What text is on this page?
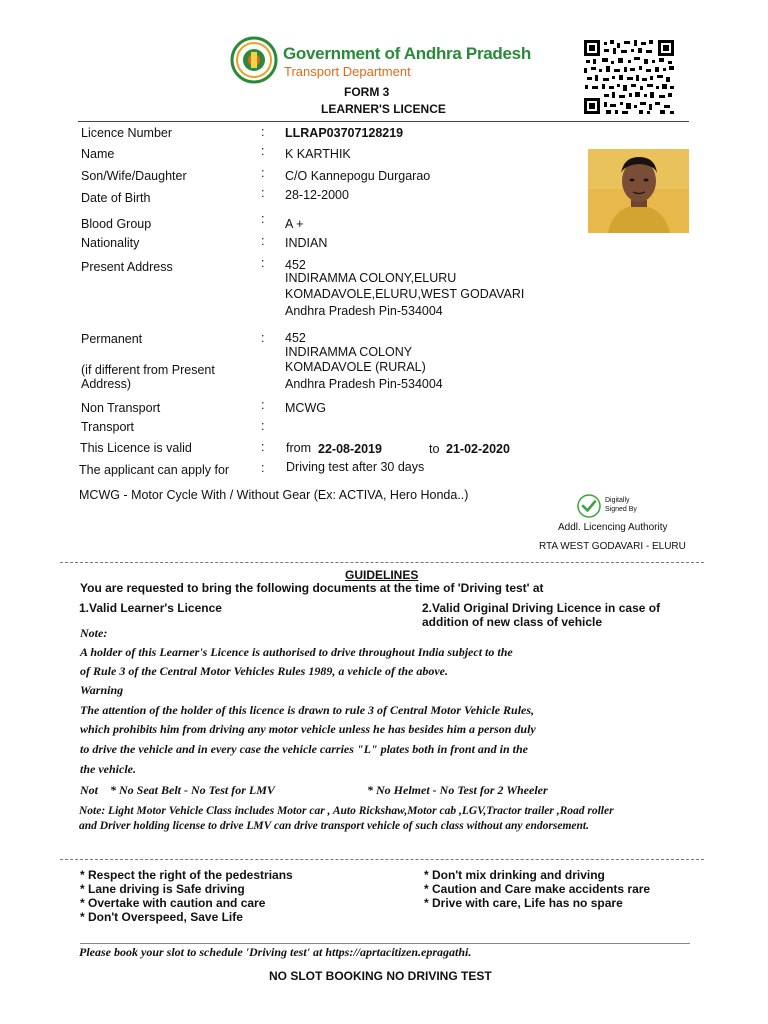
Government of Andhra Pradesh
Transport Department
FORM 3
LEARNER'S LICENCE
Licence Number	: LLRAP03707128219
Name	: K KARTHIK
Son/Wife/Daughter	: C/O Kannepogu Durgarao
Date of Birth	: 28-12-2000
Blood Group	: A +
Nationality	: INDIAN
Present Address	: 452
INDIRAMMA COLONY,ELURU
KOMADAVOLE,ELURU,WEST GODAVARI
Andhra Pradesh Pin-534004
Permanent	: 452
INDIRAMMA COLONY
KOMADAVOLE (RURAL)
Andhra Pradesh Pin-534004
(if different from Present
Address)
Non Transport	: MCWG
Transport	:
This Licence is valid	: from 22-08-2019	to 21-02-2020
The applicant can apply for	: Driving test after 30 days
MCWG - Motor Cycle With / Without Gear (Ex: ACTIVA, Hero Honda..)	Digitally
Signed By
Addl. Licencing Authority
RTA WEST GODAVARI - ELURU
GUIDELINES
You are requested to bring the following documents at the time of 'Driving test' at
1.Valid Learner's Licence	2.Valid Original Driving Licence in case of
addition of new class of vehicle
Note:
A holder of this Learner's Licence is authorised to drive throughout India subject to the
of Rule 3 of the Central Motor Vehicles Rules 1989, a vehicle of the above.
Warning
The attention of the holder of this licence is drawn to rule 3 of Central Motor Vehicle Rules,
which prohibits him from driving any motor vehicle unless he has besides him a person duly
to drive the vehicle and in every case the vehicle carries "L" plates both in front and in the
the vehicle.
Not * No Seat Belt - No Test for LMV	* No Helmet - No Test for 2 Wheeler
Note: Light Motor Vehicle Class includes Motor car , Auto Rickshaw,Motor cab ,LGV,Tractor trailer ,Road roller
and Driver holding license to drive LMV can drive transport vehicle of such class without any endorsement.
* Respect the right of the pedestrians
* Lane driving is Safe driving
* Overtake with caution and care
* Don't Overspeed, Save Life
* Don't mix drinking and driving
* Caution and Care make accidents rare
* Drive with care, Life has no spare
Please book your slot to schedule 'Driving test' at https://aprtacitizen.epragathi.
NO SLOT BOOKING NO DRIVING TEST
